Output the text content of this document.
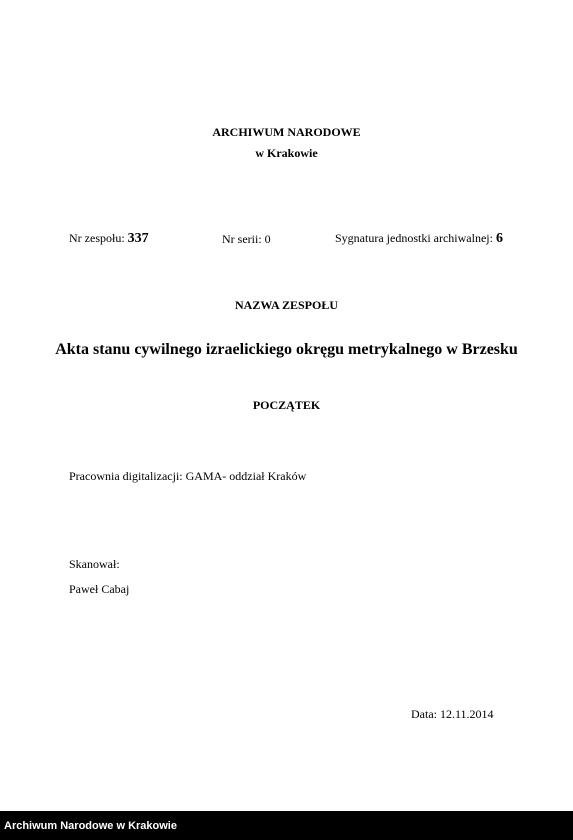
ARCHIWUM NARODOWE
w Krakowie
Nr zespołu: 337	Nr serii: 0	Sygnatura jednostki archiwalnej: 6
NAZWA ZESPOŁU
Akta stanu cywilnego izraelickiego okręgu metrykalnego w Brzesku
POCZĄTEK
Pracownia digitalizacji: GAMA- oddział Kraków
Skanował:
Paweł Cabaj
Data: 12.11.2014
Archiwum Narodowe w Krakowie
